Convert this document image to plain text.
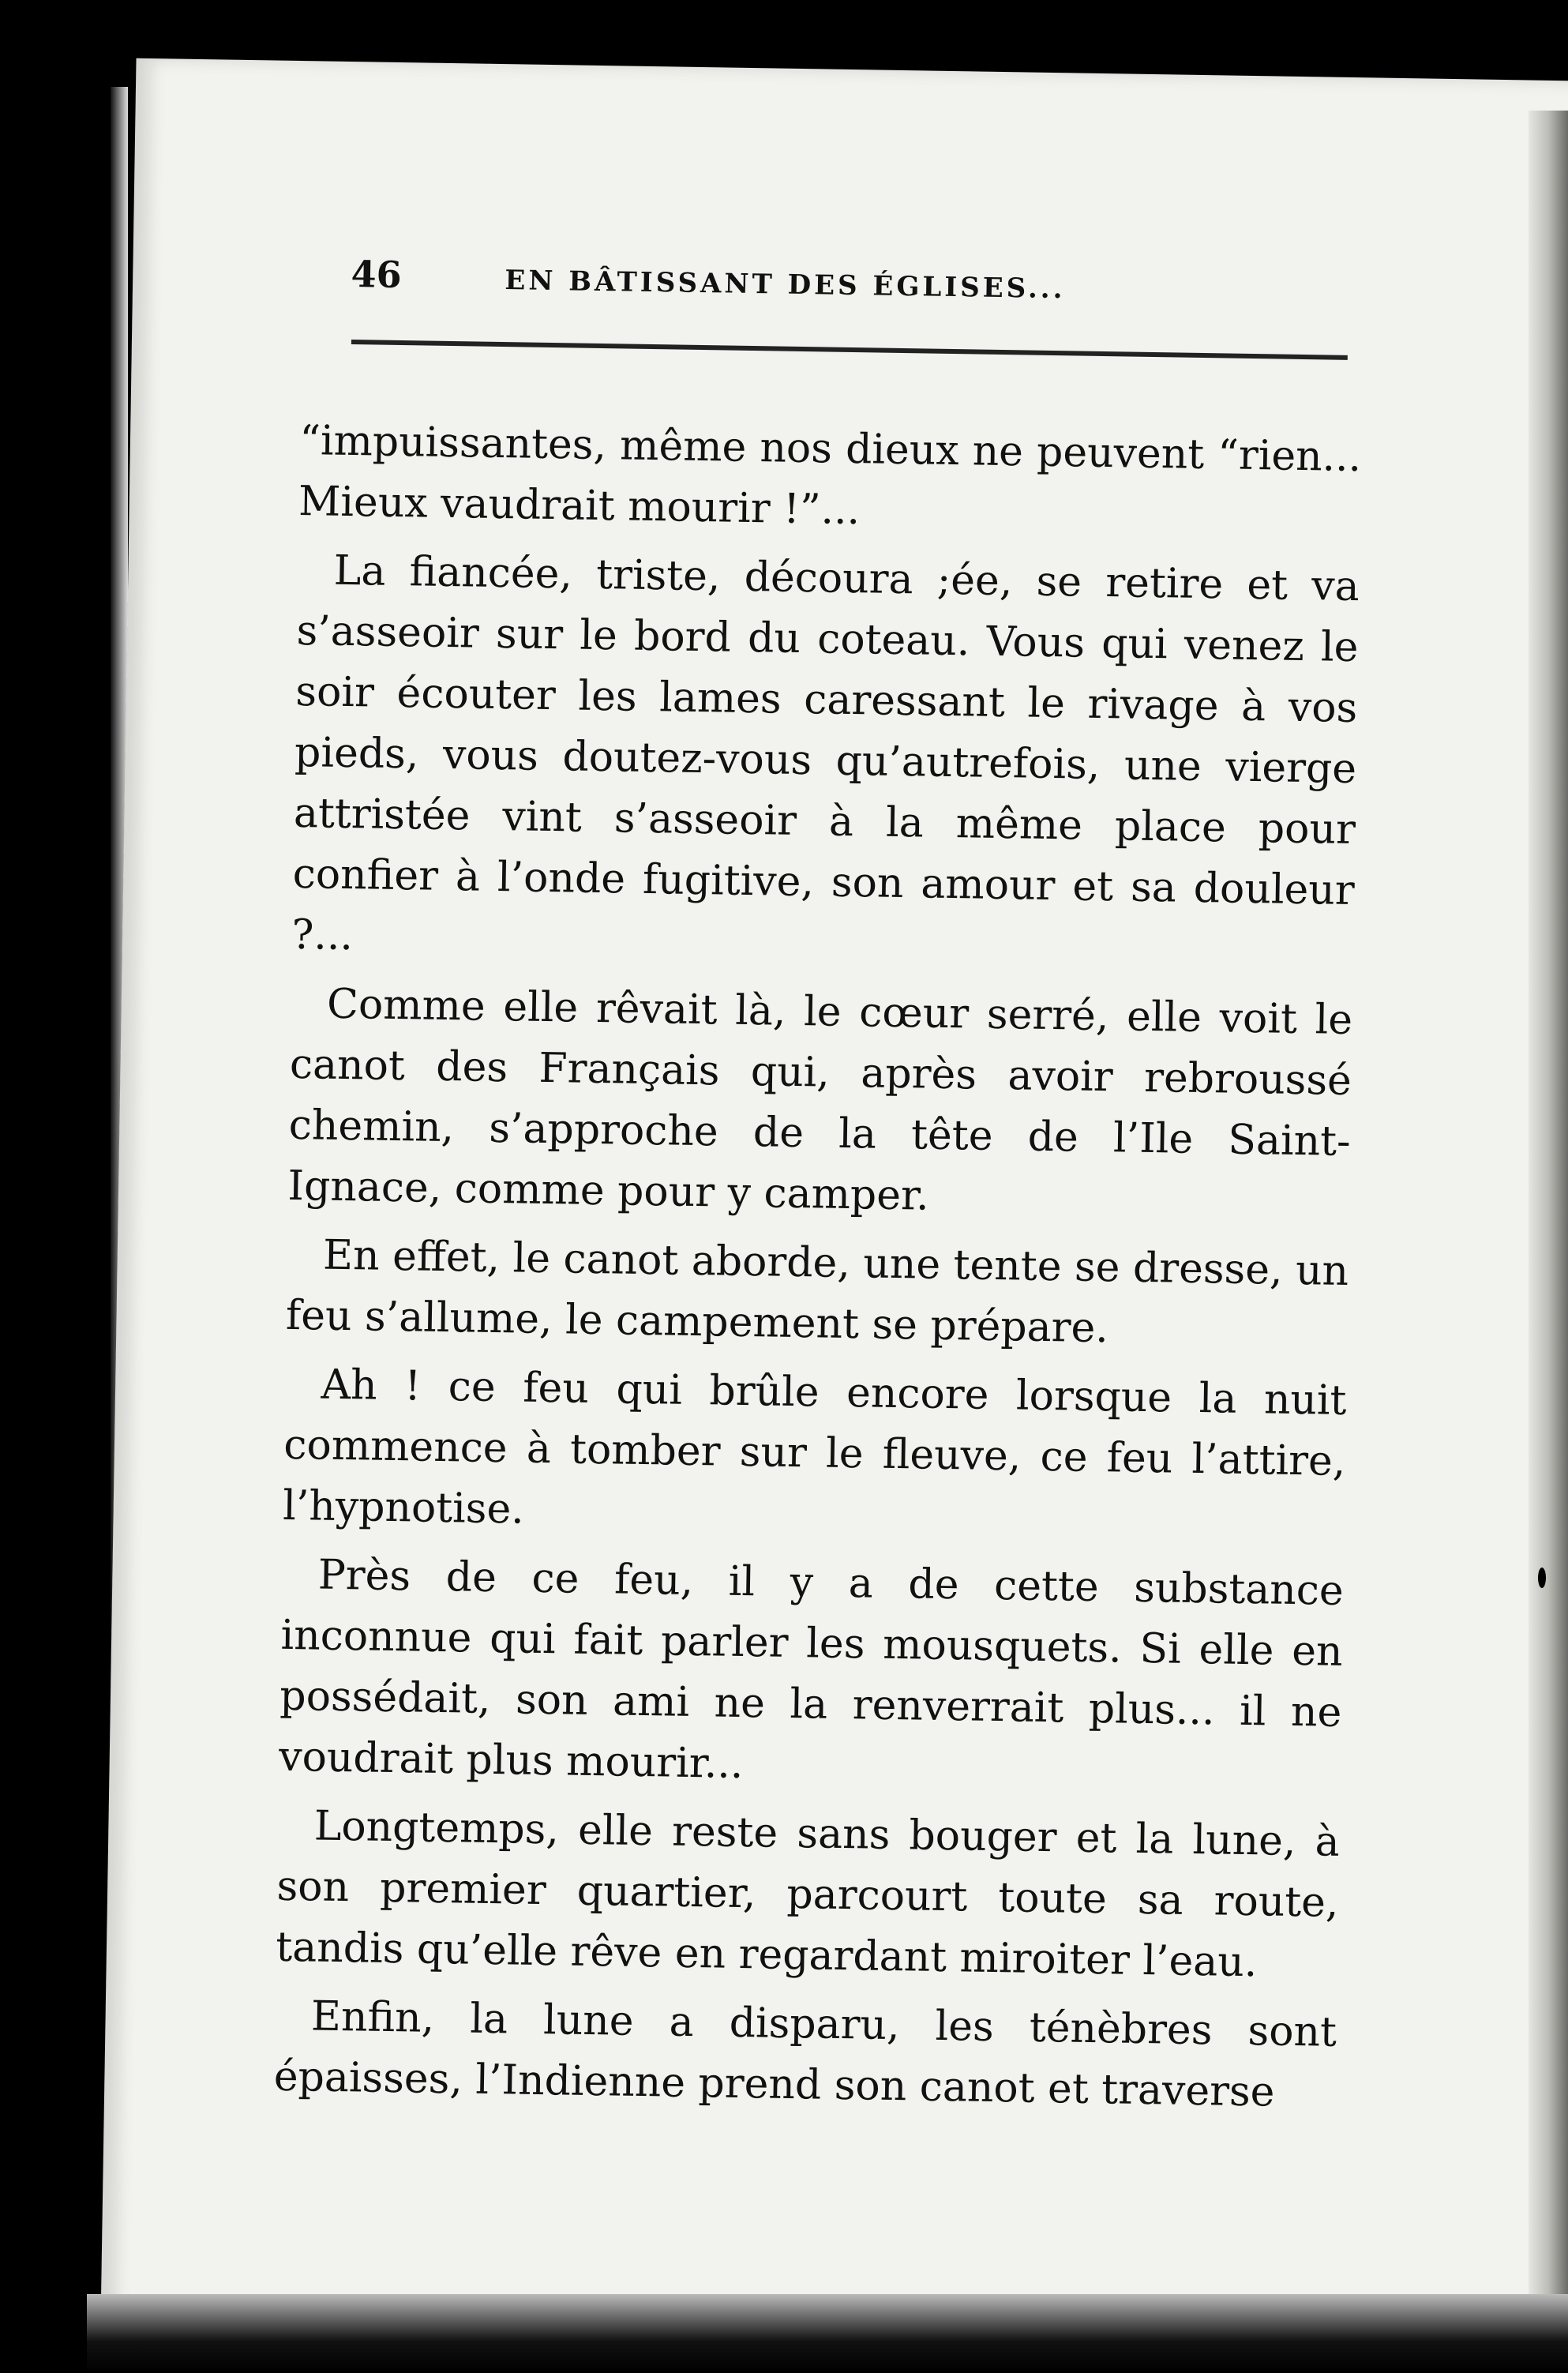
46	EN BÂTISSANT DES ÉGLISES...

“impuissantes, même nos dieux ne peuvent “rien... Mieux vaudrait mourir !”...

La fiancée, triste, découra ;ée, se retire et va s’asseoir sur le bord du coteau. Vous qui venez le soir écouter les lames caressant le rivage à vos pieds, vous doutez-vous qu’autrefois, une vierge attristée vint s’asseoir à la même place pour confier à l’onde fugitive, son amour et sa douleur ?...

Comme elle rêvait là, le cœur serré, elle voit le canot des Français qui, après avoir rebroussé chemin, s’approche de la tête de l’Ile Saint-Ignace, comme pour y camper.

En effet, le canot aborde, une tente se dresse, un feu s’allume, le campement se prépare.

Ah ! ce feu qui brûle encore lorsque la nuit commence à tomber sur le fleuve, ce feu l’attire, l’hypnotise.

Près de ce feu, il y a de cette substance inconnue qui fait parler les mousquets. Si elle en possédait, son ami ne la renverrait plus... il ne voudrait plus mourir...

Longtemps, elle reste sans bouger et la lune, à son premier quartier, parcourt toute sa route, tandis qu’elle rêve en regardant miroiter l’eau.

Enfin, la lune a disparu, les ténèbres sont épaisses, l’Indienne prend son canot et traverse
